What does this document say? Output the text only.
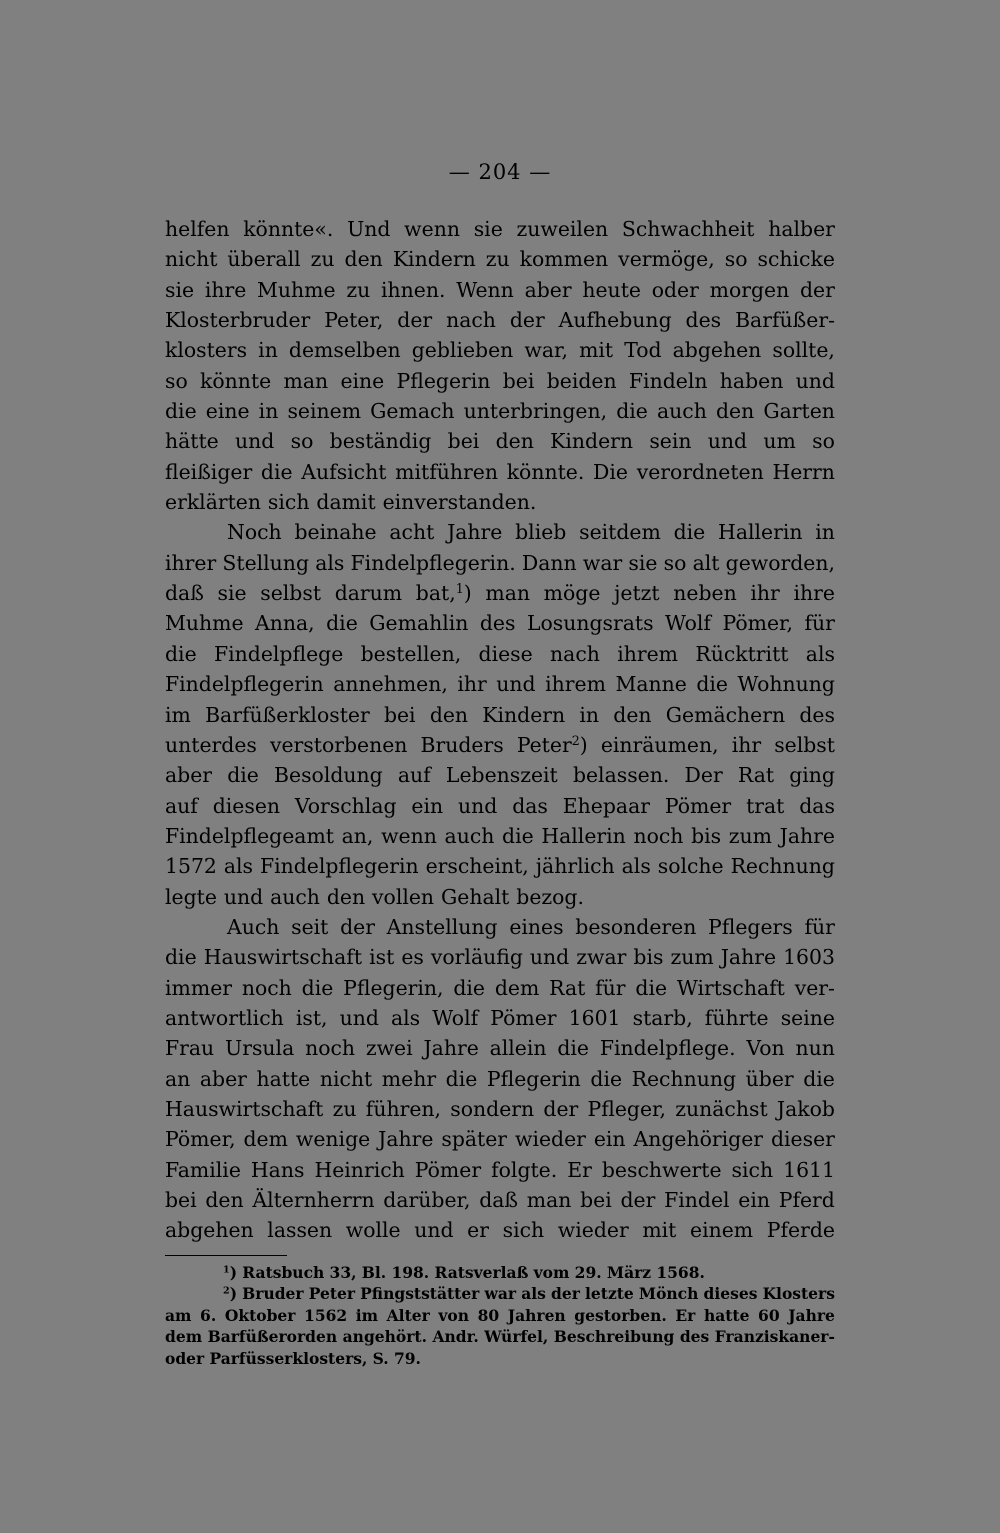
— 204 —
helfen könnte«. Und wenn sie zuweilen Schwachheit halber
nicht überall zu den Kindern zu kommen vermöge, so schicke
sie ihre Muhme zu ihnen. Wenn aber heute oder morgen der
Klosterbruder Peter, der nach der Aufhebung des Barfüßer-
klosters in demselben geblieben war, mit Tod abgehen sollte,
so könnte man eine Pflegerin bei beiden Findeln haben und
die eine in seinem Gemach unterbringen, die auch den Garten
hätte und so beständig bei den Kindern sein und um so
fleißiger die Aufsicht mitführen könnte. Die verordneten Herrn
erklärten sich damit einverstanden.
Noch beinahe acht Jahre blieb seitdem die Hallerin in
ihrer Stellung als Findelpflegerin. Dann war sie so alt geworden,
daß sie selbst darum bat,$^1$) man möge jetzt neben ihr ihre
Muhme Anna, die Gemahlin des Losungsrats Wolf Pömer, für
die Findelpflege bestellen, diese nach ihrem Rücktritt als
Findelpflegerin annehmen, ihr und ihrem Manne die Wohnung
im Barfüßerkloster bei den Kindern in den Gemächern des
unterdes verstorbenen Bruders Peter$^2$) einräumen, ihr selbst
aber die Besoldung auf Lebenszeit belassen. Der Rat ging
auf diesen Vorschlag ein und das Ehepaar Pömer trat das
Findelpflegeamt an, wenn auch die Hallerin noch bis zum Jahre
1572 als Findelpflegerin erscheint, jährlich als solche Rechnung
legte und auch den vollen Gehalt bezog.
Auch seit der Anstellung eines besonderen Pflegers für
die Hauswirtschaft ist es vorläufig und zwar bis zum Jahre 1603
immer noch die Pflegerin, die dem Rat für die Wirtschaft ver-
antwortlich ist, und als Wolf Pömer 1601 starb, führte seine
Frau Ursula noch zwei Jahre allein die Findelpflege. Von nun
an aber hatte nicht mehr die Pflegerin die Rechnung über die
Hauswirtschaft zu führen, sondern der Pfleger, zunächst Jakob
Pömer, dem wenige Jahre später wieder ein Angehöriger dieser
Familie Hans Heinrich Pömer folgte. Er beschwerte sich 1611
bei den Älternherrn darüber, daß man bei der Findel ein Pferd
abgehen lassen wolle und er sich wieder mit einem Pferde
$^1$) Ratsbuch 33, Bl. 198. Ratsverlaß vom 29. März 1568.
$^2$) Bruder Peter Pfingststätter war als der letzte Mönch dieses Klosters
am 6. Oktober 1562 im Alter von 80 Jahren gestorben. Er hatte 60 Jahre
dem Barfüßerorden angehört. Andr. Würfel, Beschreibung des Franziskaner-
oder Parfüsserklosters, S. 79.
